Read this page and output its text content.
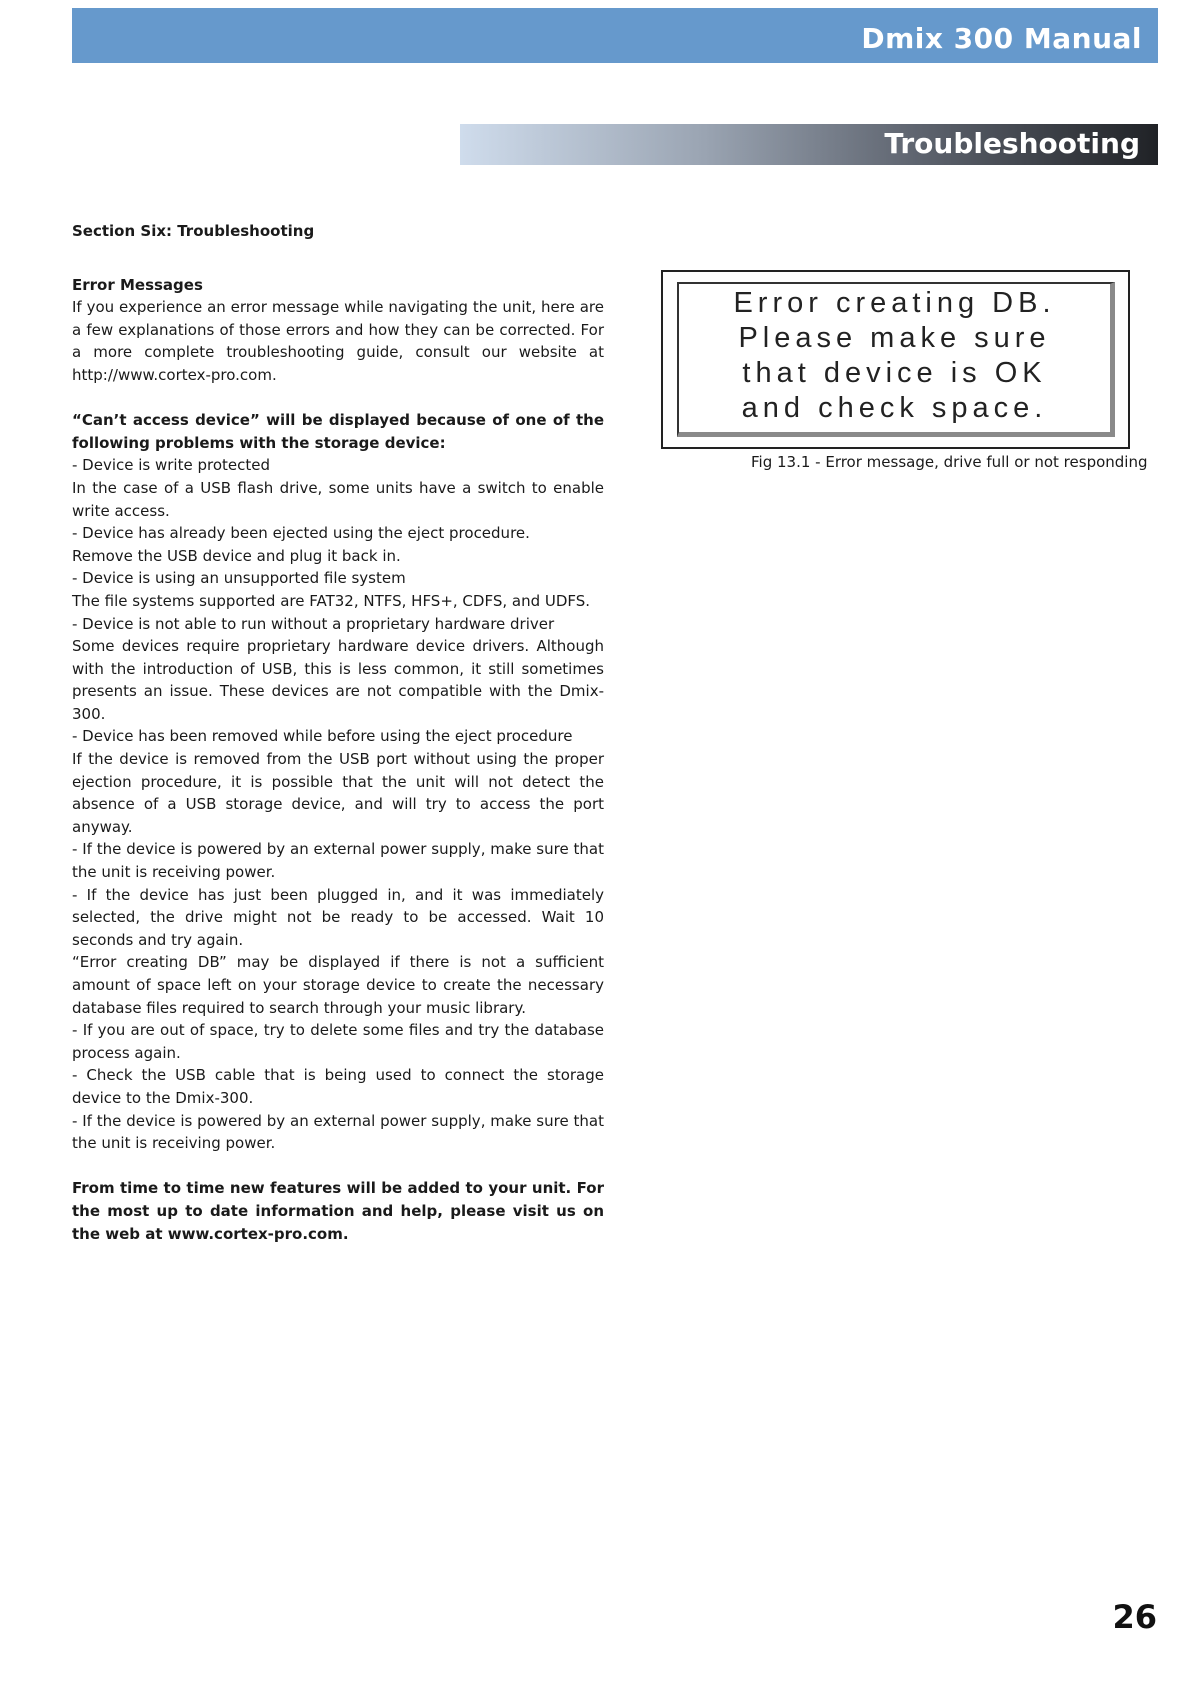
Dmix 300 Manual
Troubleshooting

Section Six: Troubleshooting

Error Messages

If you experience an error message while navigating the unit, here are a few explanations of those errors and how they can be corrected. For a more complete troubleshooting guide, consult our website at http://www.cortex-pro.com.

“Can’t access device” will be displayed because of one of the following problems with the storage device:

- Device is write protected

In the case of a USB flash drive, some units have a switch to enable write access.

- Device has already been ejected using the eject procedure.

Remove the USB device and plug it back in.

- Device is using an unsupported file system

The file systems supported are FAT32, NTFS, HFS+, CDFS, and UDFS.

- Device is not able to run without a proprietary hardware driver

Some devices require proprietary hardware device drivers. Although with the introduction of USB, this is less common, it still sometimes presents an issue. These devices are not compatible with the Dmix-300.

- Device has been removed while before using the eject procedure

If the device is removed from the USB port without using the proper ejection procedure, it is possible that the unit will not detect the absence of a USB storage device, and will try to access the port anyway.

- If the device is powered by an external power supply, make sure that the unit is receiving power.

- If the device has just been plugged in, and it was immediately selected, the drive might not be ready to be accessed. Wait 10 seconds and try again.

“Error creating DB” may be displayed if there is not a sufficient amount of space left on your storage device to create the necessary database files required to search through your music library.

- If you are out of space, try to delete some files and try the database process again.

- Check the USB cable that is being used to connect the storage device to the Dmix-300.

- If the device is powered by an external power supply, make sure that the unit is receiving power.

From time to time new features will be added to your unit. For the most up to date information and help, please visit us on the web at www.cortex-pro.com.

Error creating DB.
Please make sure
that device is OK
and check space.
Fig 13.1 - Error message, drive full or not responding
26
